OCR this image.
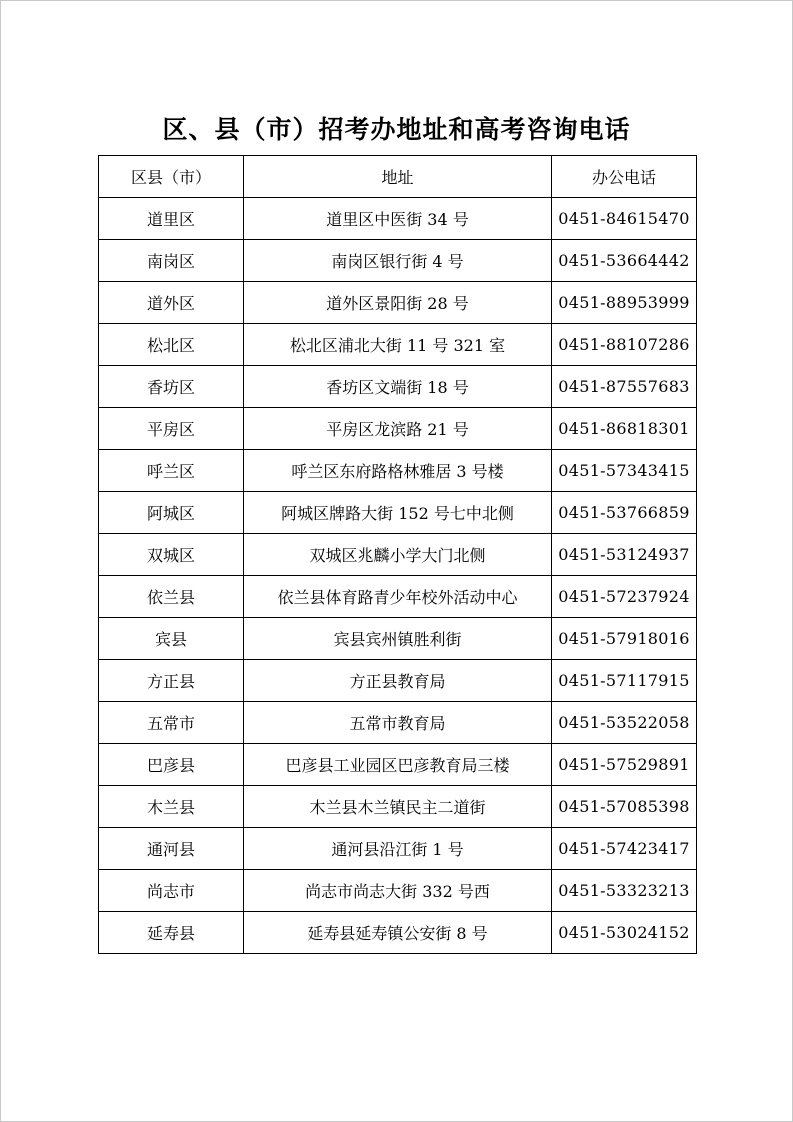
区、县（市）招考办地址和高考咨询电话
区县（市）	地址	办公电话
道里区	道里区中医街 34 号	0451-84615470
南岗区	南岗区银行街 4 号	0451-53664442
道外区	道外区景阳街 28 号	0451-88953999
松北区	松北区浦北大街 11 号 321 室	0451-88107286
香坊区	香坊区文端街 18 号	0451-87557683
平房区	平房区龙滨路 21 号	0451-86818301
呼兰区	呼兰区东府路格林雅居 3 号楼	0451-57343415
阿城区	阿城区牌路大街 152 号七中北侧	0451-53766859
双城区	双城区兆麟小学大门北侧	0451-53124937
依兰县	依兰县体育路青少年校外活动中心	0451-57237924
宾县	宾县宾州镇胜利街	0451-57918016
方正县	方正县教育局	0451-57117915
五常市	五常市教育局	0451-53522058
巴彦县	巴彦县工业园区巴彦教育局三楼	0451-57529891
木兰县	木兰县木兰镇民主二道街	0451-57085398
通河县	通河县沿江街 1 号	0451-57423417
尚志市	尚志市尚志大街 332 号西	0451-53323213
延寿县	延寿县延寿镇公安街 8 号	0451-53024152
